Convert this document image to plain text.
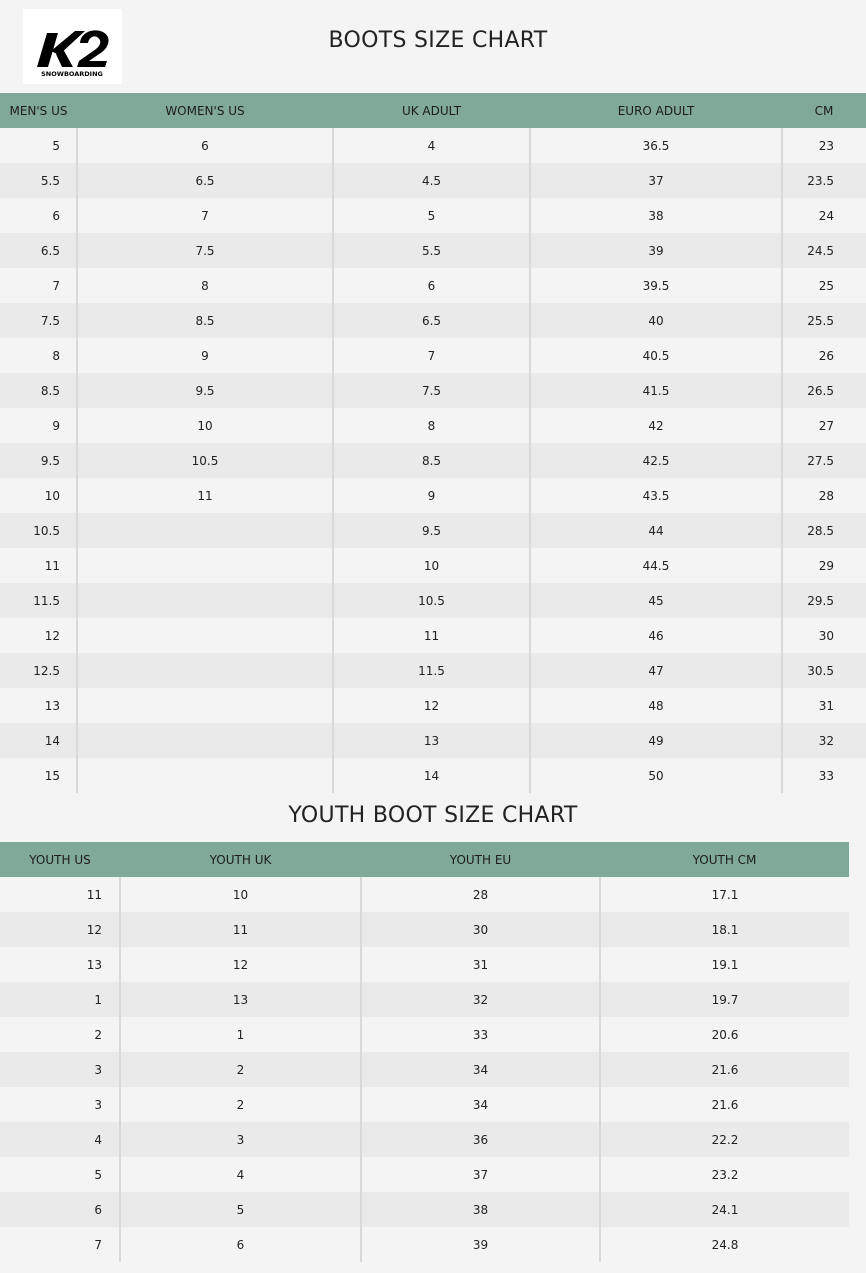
SNOWBOARDING
BOOTS SIZE CHART
MEN'S US	WOMEN'S US	UK ADULT	EURO ADULT	CM
5	6	4	36.5	23
5.5	6.5	4.5	37	23.5
6	7	5	38	24
6.5	7.5	5.5	39	24.5
7	8	6	39.5	25
7.5	8.5	6.5	40	25.5
8	9	7	40.5	26
8.5	9.5	7.5	41.5	26.5
9	10	8	42	27
9.5	10.5	8.5	42.5	27.5
10	11	9	43.5	28
10.5		9.5	44	28.5
11		10	44.5	29
11.5		10.5	45	29.5
12		11	46	30
12.5		11.5	47	30.5
13		12	48	31
14		13	49	32
15		14	50	33
YOUTH BOOT SIZE CHART
YOUTH US	YOUTH UK	YOUTH EU	YOUTH CM
11	10	28	17.1
12	11	30	18.1
13	12	31	19.1
1	13	32	19.7
2	1	33	20.6
3	2	34	21.6
3	2	34	21.6
4	3	36	22.2
5	4	37	23.2
6	5	38	24.1
7	6	39	24.8
